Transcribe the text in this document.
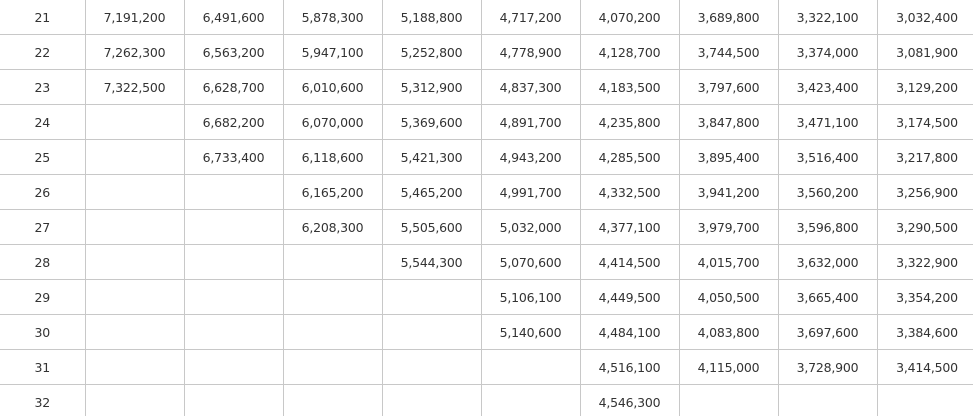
21	7,191,200	6,491,600	5,878,300	5,188,800	4,717,200	4,070,200	3,689,800	3,322,100	3,032,400
22	7,262,300	6,563,200	5,947,100	5,252,800	4,778,900	4,128,700	3,744,500	3,374,000	3,081,900
23	7,322,500	6,628,700	6,010,600	5,312,900	4,837,300	4,183,500	3,797,600	3,423,400	3,129,200
24		6,682,200	6,070,000	5,369,600	4,891,700	4,235,800	3,847,800	3,471,100	3,174,500
25		6,733,400	6,118,600	5,421,300	4,943,200	4,285,500	3,895,400	3,516,400	3,217,800
26			6,165,200	5,465,200	4,991,700	4,332,500	3,941,200	3,560,200	3,256,900
27			6,208,300	5,505,600	5,032,000	4,377,100	3,979,700	3,596,800	3,290,500
28				5,544,300	5,070,600	4,414,500	4,015,700	3,632,000	3,322,900
29					5,106,100	4,449,500	4,050,500	3,665,400	3,354,200
30					5,140,600	4,484,100	4,083,800	3,697,600	3,384,600
31						4,516,100	4,115,000	3,728,900	3,414,500
32						4,546,300			
